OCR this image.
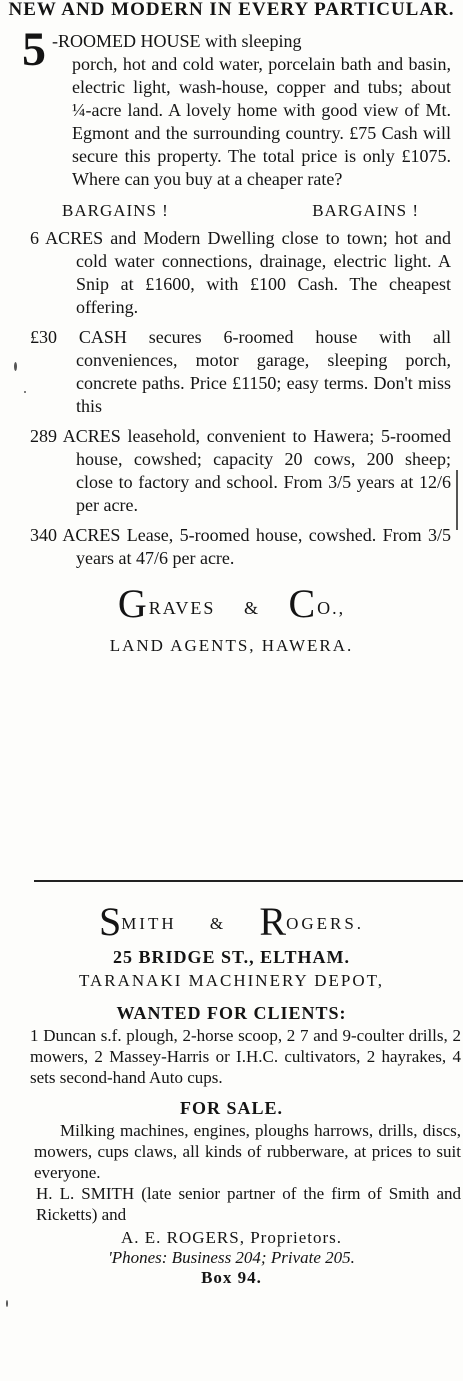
NEW AND MODERN IN EVERY PARTICULAR.

5 -ROOMED HOUSE with sleeping
porch, hot and cold water, porcelain bath and basin, electric light, wash-house, copper and tubs; about ¼-acre land. A lovely home with good view of Mt. Egmont and the surrounding country. £75 Cash will secure this property. The total price is only £1075. Where can you buy at a cheaper rate?
BARGAINS !	BARGAINS !

6 ACRES and Modern Dwelling close to town; hot and cold water connections, drainage, electric light. A Snip at £1600, with £100 Cash. The cheapest offering.

£30 CASH secures 6-roomed house with all conveniences, motor garage, sleeping porch, concrete paths. Price £1150; easy terms. Don't miss this

289 ACRES leasehold, convenient to Hawera; 5-roomed house, cowshed; capacity 20 cows, 200 sheep; close to factory and school. From 3/5 years at 12/6 per acre.

340 ACRES Lease, 5-roomed house, cowshed. From 3/5 years at 47/6 per acre.

GRAVES & CO.,
LAND AGENTS, HAWERA.
SMITH & ROGERS.
25 BRIDGE ST., ELTHAM.
TARANAKI MACHINERY DEPOT,
WANTED FOR CLIENTS:

1 Duncan s.f. plough, 2-horse scoop, 2 7 and 9-coulter drills, 2 mowers, 2 Massey-Harris or I.H.C. cultivators, 2 hayrakes, 4 sets second-hand Auto cups.

FOR SALE.

Milking machines, engines, ploughs harrows, drills, discs, mowers, cups claws, all kinds of rubberware, at prices to suit everyone.

H. L. SMITH (late senior partner of the firm of Smith and Ricketts) and

A. E. ROGERS, Proprietors.
'Phones: Business 204; Private 205.
Box 94.
